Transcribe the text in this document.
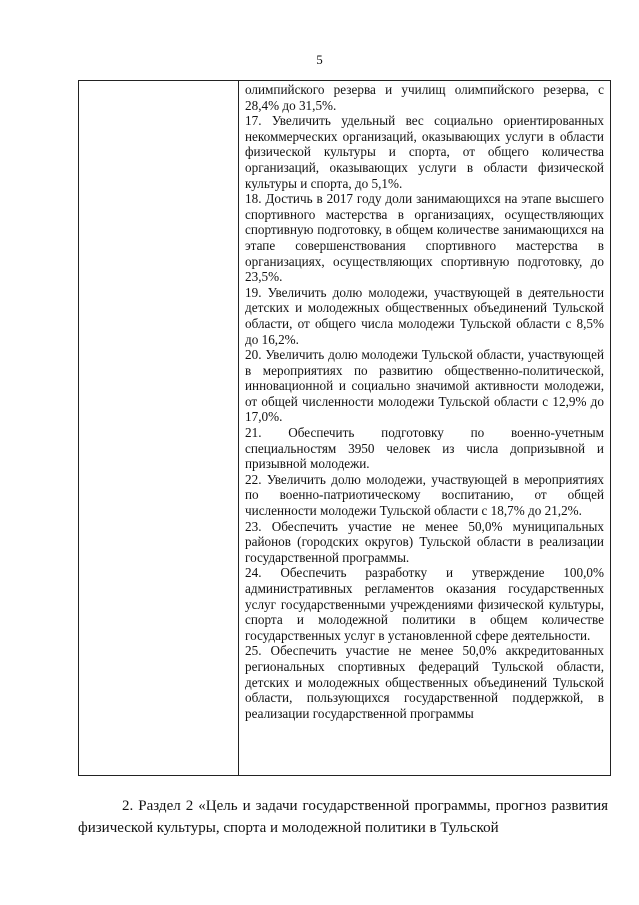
5

олимпийского резерва и училищ олимпийского резерва, с 28,4% до 31,5%.

17. Увеличить удельный вес социально ориентированных некоммерческих организаций, оказывающих услуги в области физической культуры и спорта, от общего количества организаций, оказывающих услуги в области физической культуры и спорта, до 5,1%.

18. Достичь в 2017 году доли занимающихся на этапе высшего спортивного мастерства в организациях, осуществляющих спортивную подготовку, в общем количестве занимающихся на этапе совершенствования спортивного мастерства в организациях, осуществляющих спортивную подготовку, до 23,5%.

19. Увеличить долю молодежи, участвующей в деятельности детских и молодежных общественных объединений Тульской области, от общего числа молодежи Тульской области с 8,5% до 16,2%.

20. Увеличить долю молодежи Тульской области, участвующей в мероприятиях по развитию общественно-политической, инновационной и социально значимой активности молодежи, от общей численности молодежи Тульской области с 12,9% до 17,0%.

21. Обеспечить подготовку по военно-учетным специальностям 3950 человек из числа допризывной и призывной молодежи.

22. Увеличить долю молодежи, участвующей в мероприятиях по военно-патриотическому воспитанию, от общей численности молодежи Тульской области с 18,7% до 21,2%.

23. Обеспечить участие не менее 50,0% муниципальных районов (городских округов) Тульской области в реализации государственной программы.

24. Обеспечить разработку и утверждение 100,0% административных регламентов оказания государственных услуг государственными учреждениями физической культуры, спорта и молодежной политики в общем количестве государственных услуг в установленной сфере деятельности.

25. Обеспечить участие не менее 50,0% аккредитованных региональных спортивных федераций Тульской области, детских и молодежных общественных объединений Тульской области, пользующихся государственной поддержкой, в реализации государственной программы

2. Раздел 2 «Цель и задачи государственной программы, прогноз развития физической культуры, спорта и молодежной политики в Тульской
